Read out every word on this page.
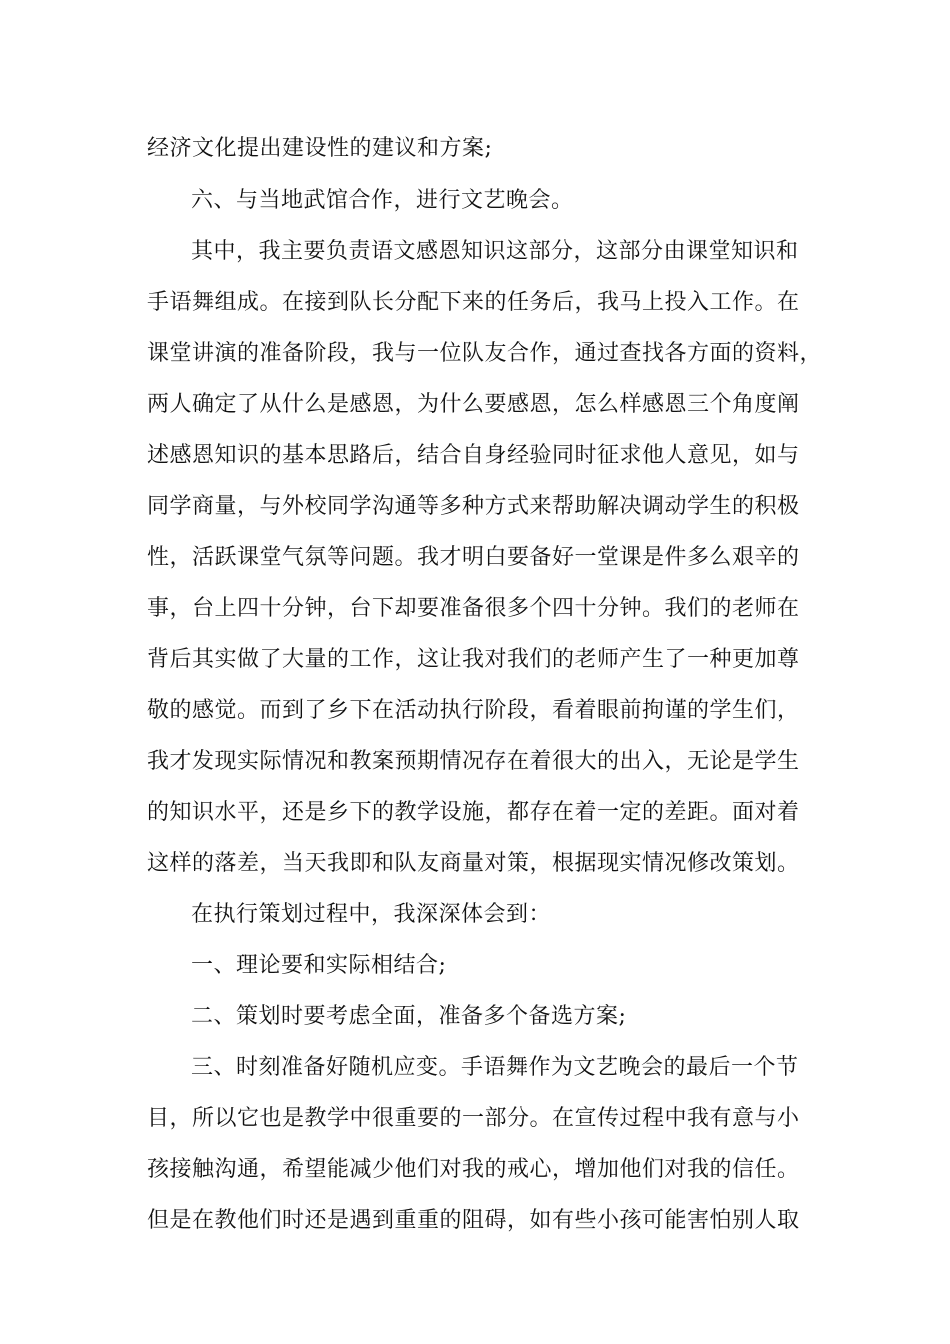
经济文化提出建设性的建议和方案;
六、与当地武馆合作，进行文艺晚会。
其中，我主要负责语文感恩知识这部分，这部分由课堂知识和
手语舞组成。在接到队长分配下来的任务后，我马上投入工作。在
课堂讲演的准备阶段，我与一位队友合作，通过查找各方面的资料，
两人确定了从什么是感恩，为什么要感恩，怎么样感恩三个角度阐
述感恩知识的基本思路后，结合自身经验同时征求他人意见，如与
同学商量，与外校同学沟通等多种方式来帮助解决调动学生的积极
性，活跃课堂气氛等问题。我才明白要备好一堂课是件多么艰辛的
事，台上四十分钟，台下却要准备很多个四十分钟。我们的老师在
背后其实做了大量的工作，这让我对我们的老师产生了一种更加尊
敬的感觉。而到了乡下在活动执行阶段，看着眼前拘谨的学生们，
我才发现实际情况和教案预期情况存在着很大的出入，无论是学生
的知识水平，还是乡下的教学设施，都存在着一定的差距。面对着
这样的落差，当天我即和队友商量对策，根据现实情况修改策划。
在执行策划过程中，我深深体会到：
一、理论要和实际相结合;
二、策划时要考虑全面，准备多个备选方案;
三、时刻准备好随机应变。手语舞作为文艺晚会的最后一个节
目，所以它也是教学中很重要的一部分。在宣传过程中我有意与小
孩接触沟通，希望能减少他们对我的戒心，增加他们对我的信任。
但是在教他们时还是遇到重重的阻碍，如有些小孩可能害怕别人取
